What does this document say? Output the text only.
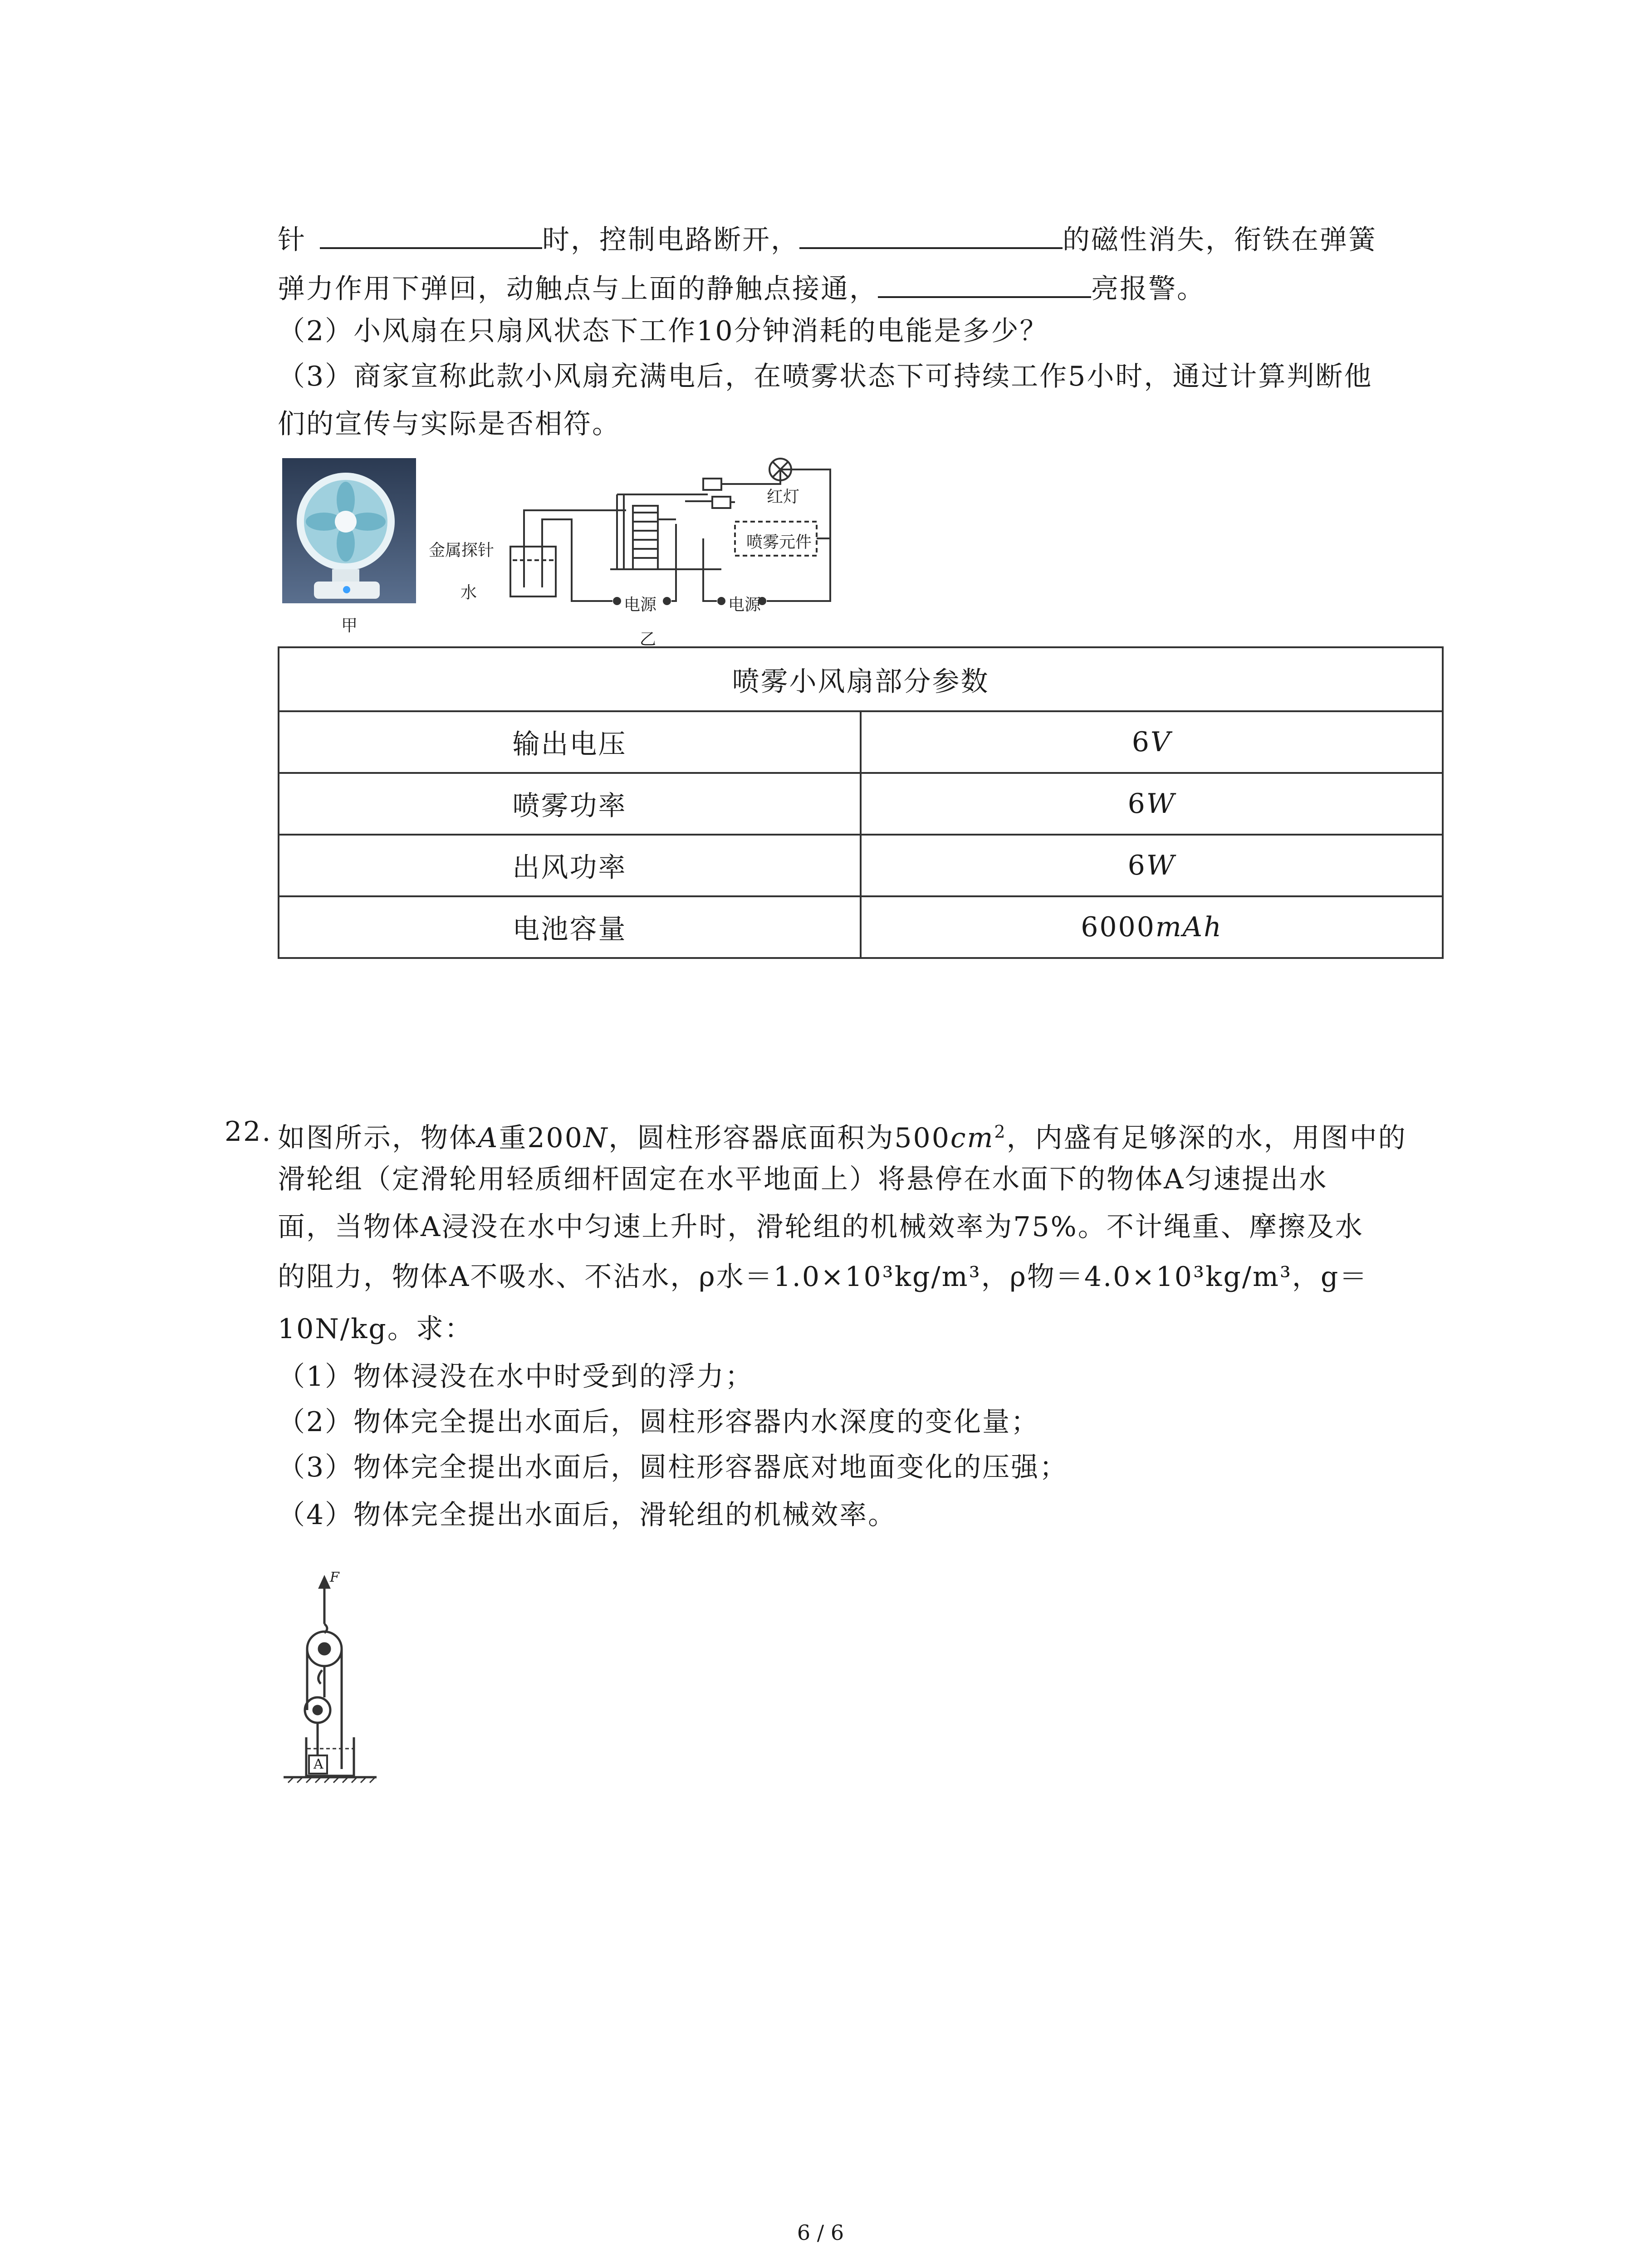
针	时，控制电路断开，	的磁性消失，衔铁在弹簧
弹力作用下弹回，动触点与上面的静触点接通，	亮报警。
（2）小风扇在只扇风状态下工作10分钟消耗的电能是多少？
（3）商家宣称此款小风扇充满电后，在喷雾状态下可持续工作5小时，通过计算判断他
们的宣传与实际是否相符。
甲
金属探针
水
电源	电源
红灯
喷雾元件
乙
喷雾小风扇部分参数	
输出电压	6V
喷雾功率	6W
出风功率	6W
电池容量	6000mAh
22. 如图所示，物体A重200N，圆柱形容器底面积为$500cm^2$，内盛有足够深的水，用图中的
滑轮组（定滑轮用轻质细杆固定在水平地面上）将悬停在水面下的物体A匀速提出水
面，当物体A浸没在水中匀速上升时，滑轮组的机械效率为75%。不计绳重、摩擦及水
的阻力，物体A不吸水、不沾水，ρ水＝1.0×10³kg/m³，ρ物＝4.0×10³kg/m³，g＝
10N/kg。求：
（1）物体浸没在水中时受到的浮力；
（2）物体完全提出水面后，圆柱形容器内水深度的变化量；
（3）物体完全提出水面后，圆柱形容器底对地面变化的压强；
（4）物体完全提出水面后，滑轮组的机械效率。
F
A
6 / 6
